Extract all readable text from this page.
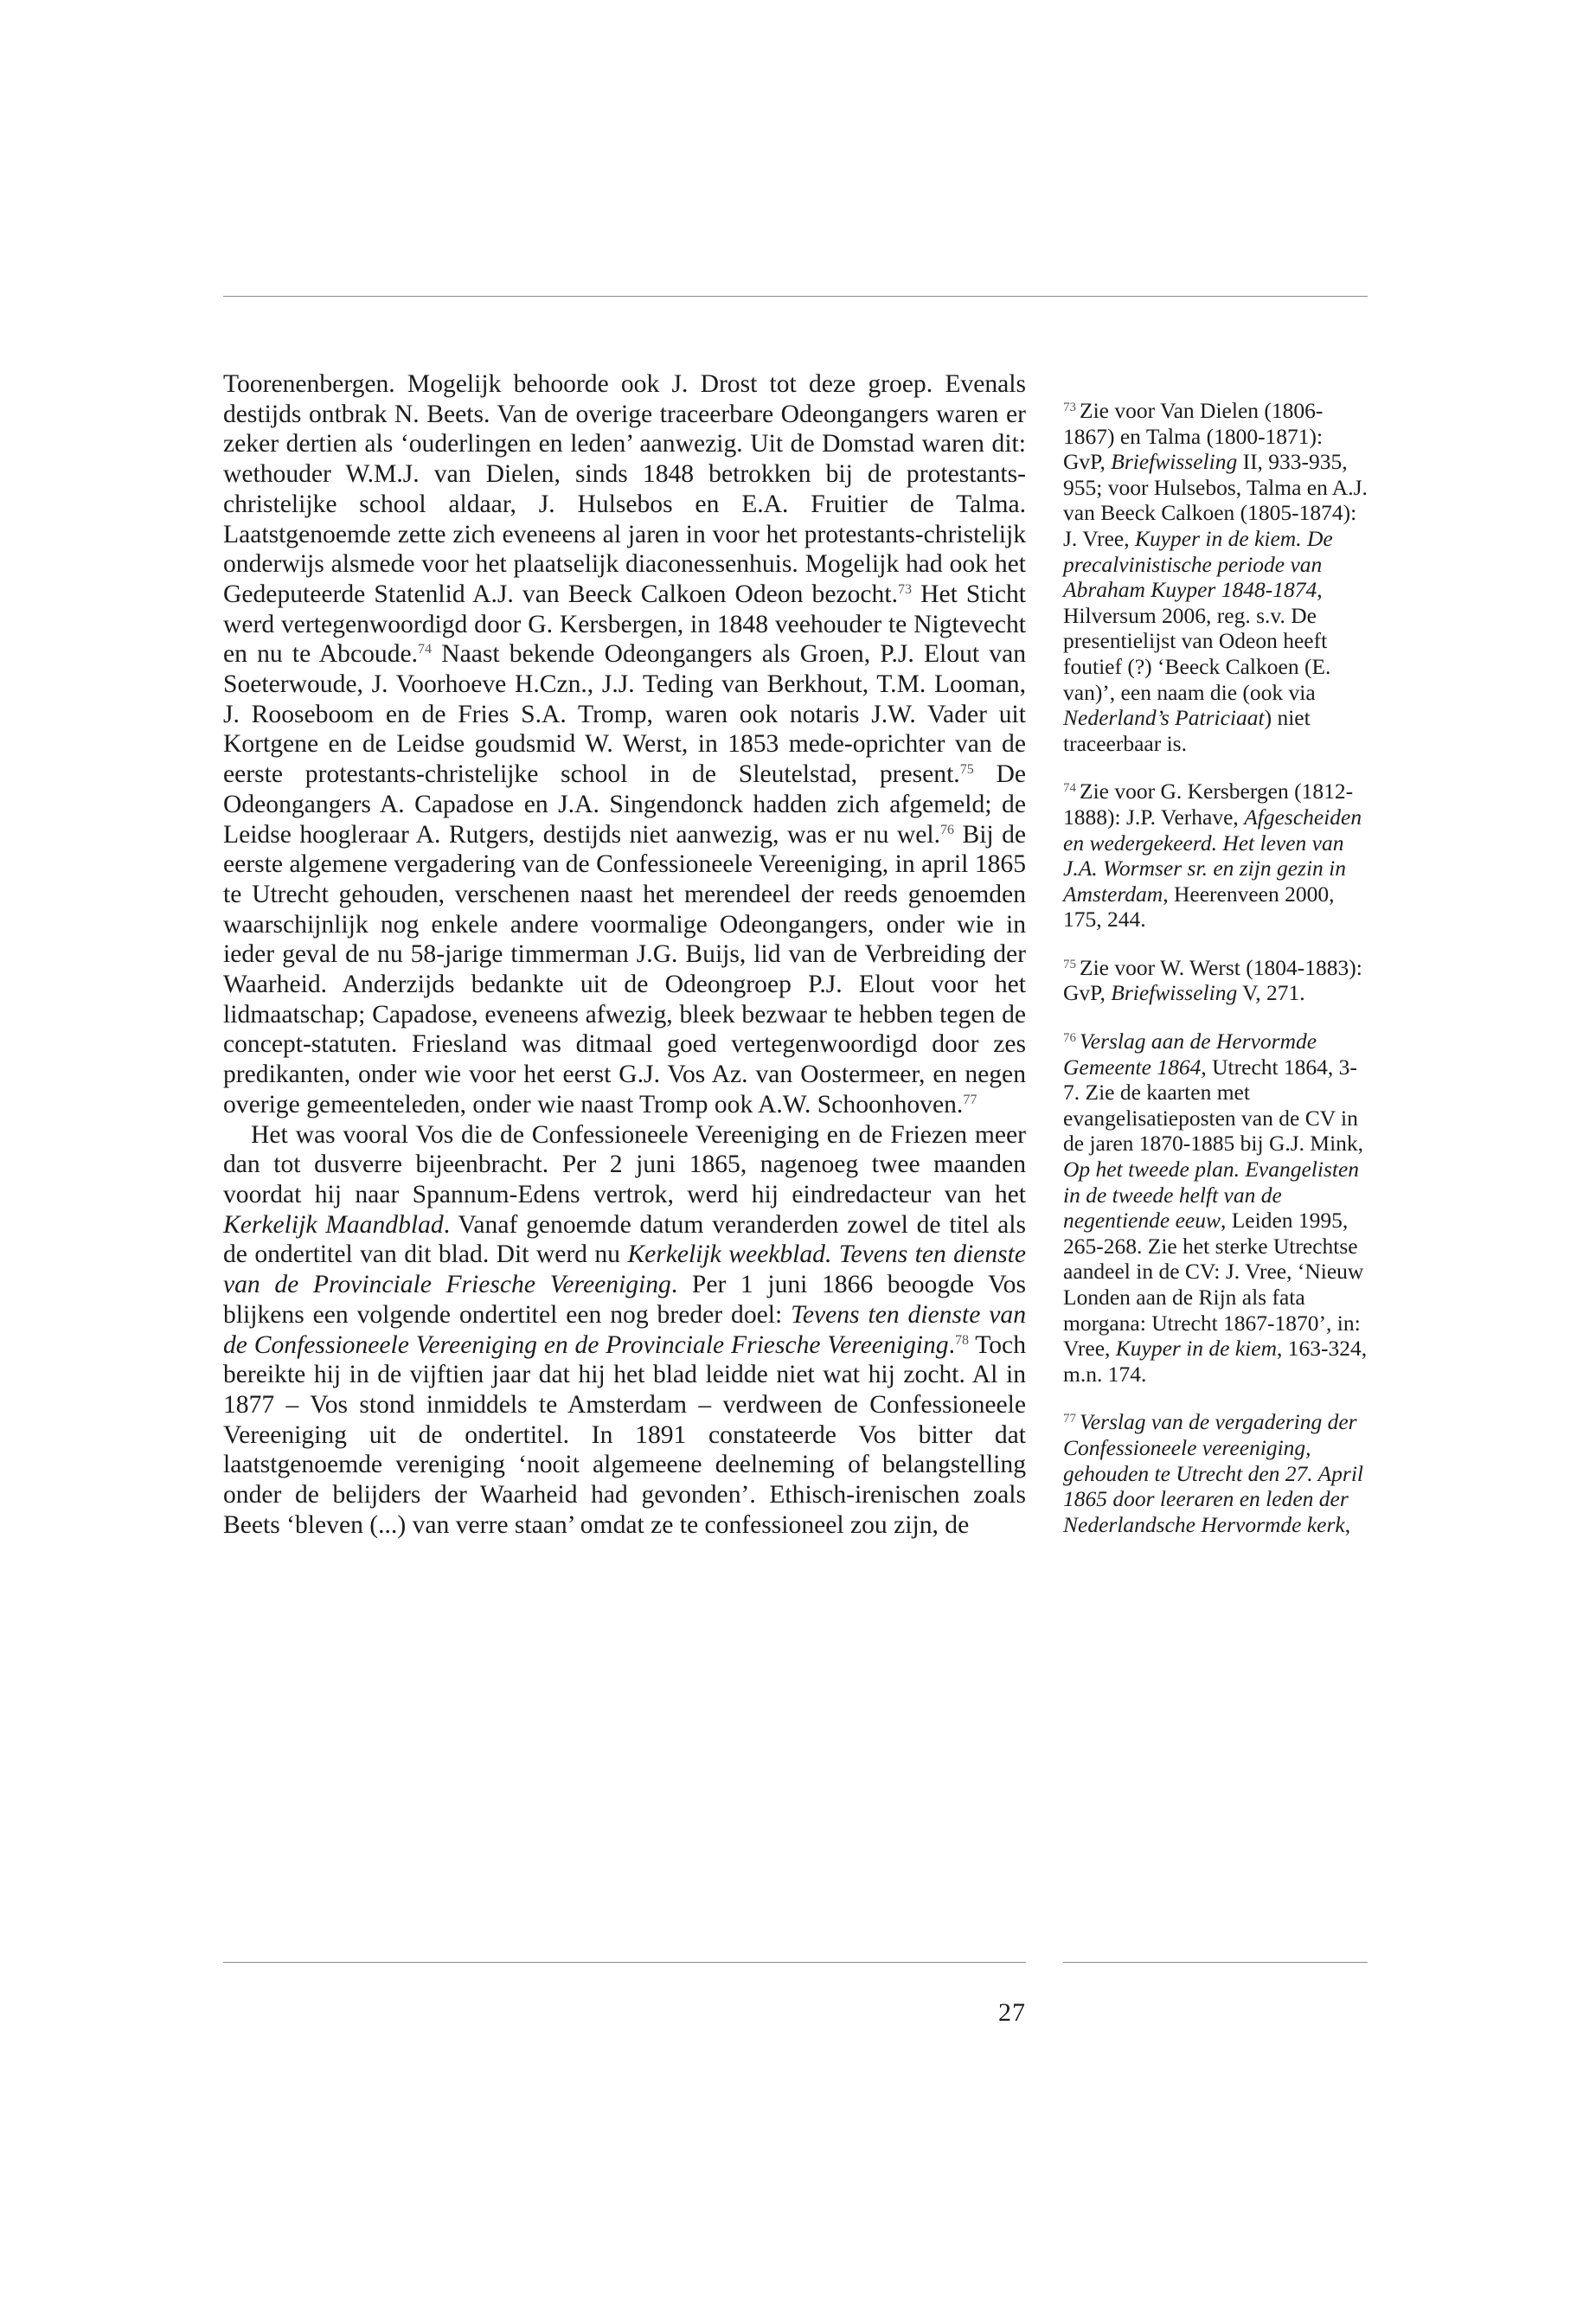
Toorenenbergen. Mogelijk behoorde ook J. Drost tot deze groep. Evenals destijds ontbrak N. Beets. Van de overige traceerbare Odeongangers waren er zeker dertien als ‘ouderlingen en leden’ aanwezig. Uit de Domstad waren dit: wethouder W.M.J. van Dielen, sinds 1848 betrokken bij de protestants-christelijke school aldaar, J. Hulsebos en E.A. Fruitier de Talma. Laatstgenoemde zette zich eveneens al jaren in voor het protestants-christelijk onderwijs alsmede voor het plaatselijk diaconessenhuis. Mogelijk had ook het Gedeputeerde Statenlid A.J. van Beeck Calkoen Odeon bezocht.$^{73}$ Het Sticht werd vertegenwoordigd door G. Kersbergen, in 1848 veehouder te Nigtevecht en nu te Abcoude.$^{74}$ Naast bekende Odeongangers als Groen, P.J. Elout van Soeterwoude, J. Voorhoeve H.Czn., J.J. Teding van Berkhout, T.M. Looman, J. Rooseboom en de Fries S.A. Tromp, waren ook notaris J.W. Vader uit Kortgene en de Leidse goudsmid W. Werst, in 1853 mede-oprichter van de eerste protestants-christelijke school in de Sleutelstad, present.$^{75}$ De Odeongangers A. Capadose en J.A. Singendonck hadden zich afgemeld; de Leidse hoogleraar A. Rutgers, destijds niet aanwezig, was er nu wel.$^{76}$ Bij de eerste algemene vergadering van de Confessioneele Vereeniging, in april 1865 te Utrecht gehouden, verschenen naast het merendeel der reeds genoemden waarschijnlijk nog enkele andere voormalige Odeongangers, onder wie in ieder geval de nu 58-jarige timmerman J.G. Buijs, lid van de Verbreiding der Waarheid. Anderzijds bedankte uit de Odeongroep P.J. Elout voor het lidmaatschap; Capadose, eveneens afwezig, bleek bezwaar te hebben tegen de concept-statuten. Friesland was ditmaal goed vertegenwoordigd door zes predikanten, onder wie voor het eerst G.J. Vos Az. van Oostermeer, en negen overige gemeenteleden, onder wie naast Tromp ook A.W. Schoonhoven.$^{77}$

Het was vooral Vos die de Confessioneele Vereeniging en de Friezen meer dan tot dusverre bijeenbracht. Per 2 juni 1865, nagenoeg twee maanden voordat hij naar Spannum-Edens vertrok, werd hij eindredacteur van het Kerkelijk Maandblad. Vanaf genoemde datum veranderden zowel de titel als de ondertitel van dit blad. Dit werd nu Kerkelijk weekblad. Tevens ten dienste van de Provinciale Friesche Vereeniging. Per 1 juni 1866 beoogde Vos blijkens een volgende ondertitel een nog breder doel: Tevens ten dienste van de Confessioneele Vereeniging en de Provinciale Friesche Vereeniging.$^{78}$ Toch bereikte hij in de vijftien jaar dat hij het blad leidde niet wat hij zocht. Al in 1877 – Vos stond inmiddels te Amsterdam – verdween de Confessioneele Vereeniging uit de ondertitel. In 1891 constateerde Vos bitter dat laatstgenoemde vereniging ‘nooit algemeene deelneming of belangstelling onder de belijders der Waarheid had gevonden’. Ethisch-irenischen zoals Beets ‘bleven (...) van verre staan’ omdat ze te confessioneel zou zijn, de

$^{73}$ Zie voor Van Dielen (1806-1867) en Talma (1800-1871): GvP, Briefwisseling II, 933-935, 955; voor Hulsebos, Talma en A.J. van Beeck Calkoen (1805-1874): J. Vree, Kuyper in de kiem. De precalvinistische periode van Abraham Kuyper 1848-1874, Hilversum 2006, reg. s.v. De presentielijst van Odeon heeft foutief (?) ‘Beeck Calkoen (E. van)’, een naam die (ook via Nederland’s Patriciaat) niet traceerbaar is.

$^{74}$ Zie voor G. Kersbergen (1812-1888): J.P. Verhave, Afgescheiden en wedergekeerd. Het leven van J.A. Wormser sr. en zijn gezin in Amsterdam, Heerenveen 2000, 175, 244.

$^{75}$ Zie voor W. Werst (1804-1883): GvP, Briefwisseling V, 271.

$^{76}$ Verslag aan de Hervormde Gemeente 1864, Utrecht 1864, 3-7. Zie de kaarten met evangelisatieposten van de CV in de jaren 1870-1885 bij G.J. Mink, Op het tweede plan. Evangelisten in de tweede helft van de negentiende eeuw, Leiden 1995, 265-268. Zie het sterke Utrechtse aandeel in de CV: J. Vree, ‘Nieuw Londen aan de Rijn als fata morgana: Utrecht 1867-1870’, in: Vree, Kuyper in de kiem, 163-324, m.n. 174.

$^{77}$ Verslag van de vergadering der Confessioneele vereeniging, gehouden te Utrecht den 27. April 1865 door leeraren en leden der Nederlandsche Hervormde kerk,

27
